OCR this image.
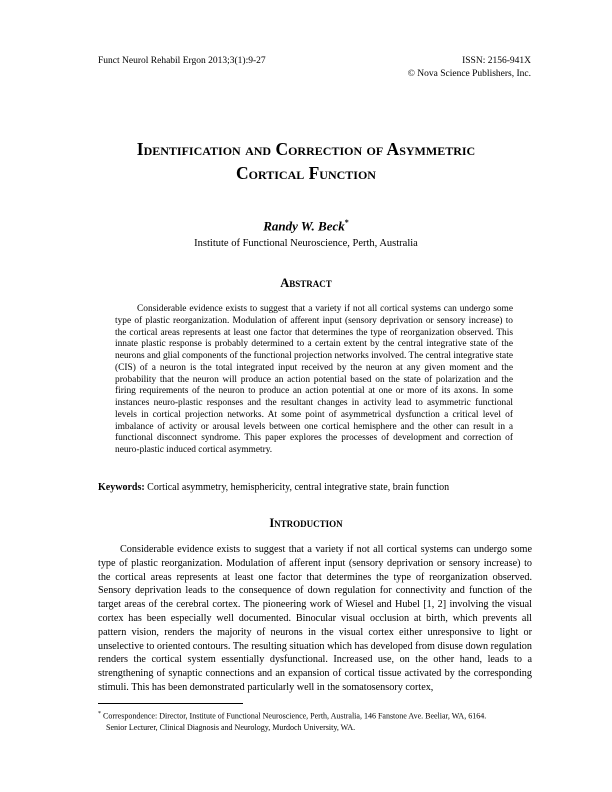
Funct Neurol Rehabil Ergon 2013;3(1):9-27	ISSN: 2156-941X
© Nova Science Publishers, Inc.
Identification and Correction of Asymmetric
Cortical Function
Randy W. Beck*
Institute of Functional Neuroscience, Perth, Australia
Abstract

Considerable evidence exists to suggest that a variety if not all cortical systems can undergo some type of plastic reorganization. Modulation of afferent input (sensory deprivation or sensory increase) to the cortical areas represents at least one factor that determines the type of reorganization observed. This innate plastic response is probably determined to a certain extent by the central integrative state of the neurons and glial components of the functional projection networks involved. The central integrative state (CIS) of a neuron is the total integrated input received by the neuron at any given moment and the probability that the neuron will produce an action potential based on the state of polarization and the firing requirements of the neuron to produce an action potential at one or more of its axons. In some instances neuro-plastic responses and the resultant changes in activity lead to asymmetric functional levels in cortical projection networks. At some point of asymmetrical dysfunction a critical level of imbalance of activity or arousal levels between one cortical hemisphere and the other can result in a functional disconnect syndrome. This paper explores the processes of development and correction of neuro-plastic induced cortical asymmetry.

Keywords: Cortical asymmetry, hemisphericity, central integrative state, brain function
Introduction

Considerable evidence exists to suggest that a variety if not all cortical systems can undergo some type of plastic reorganization. Modulation of afferent input (sensory deprivation or sensory increase) to the cortical areas represents at least one factor that determines the type of reorganization observed. Sensory deprivation leads to the consequence of down regulation for connectivity and function of the target areas of the cerebral cortex. The pioneering work of Wiesel and Hubel [1, 2] involving the visual cortex has been especially well documented. Binocular visual occlusion at birth, which prevents all pattern vision, renders the majority of neurons in the visual cortex either unresponsive to light or unselective to oriented contours. The resulting situation which has developed from disuse down regulation renders the cortical system essentially dysfunctional. Increased use, on the other hand, leads to a strengthening of synaptic connections and an expansion of cortical tissue activated by the corresponding stimuli. This has been demonstrated particularly well in the somatosensory cortex,

* Correspondence: Director, Institute of Functional Neuroscience, Perth, Australia, 146 Fanstone Ave. Beeliar, WA, 6164.
Senior Lecturer, Clinical Diagnosis and Neurology, Murdoch University, WA.
